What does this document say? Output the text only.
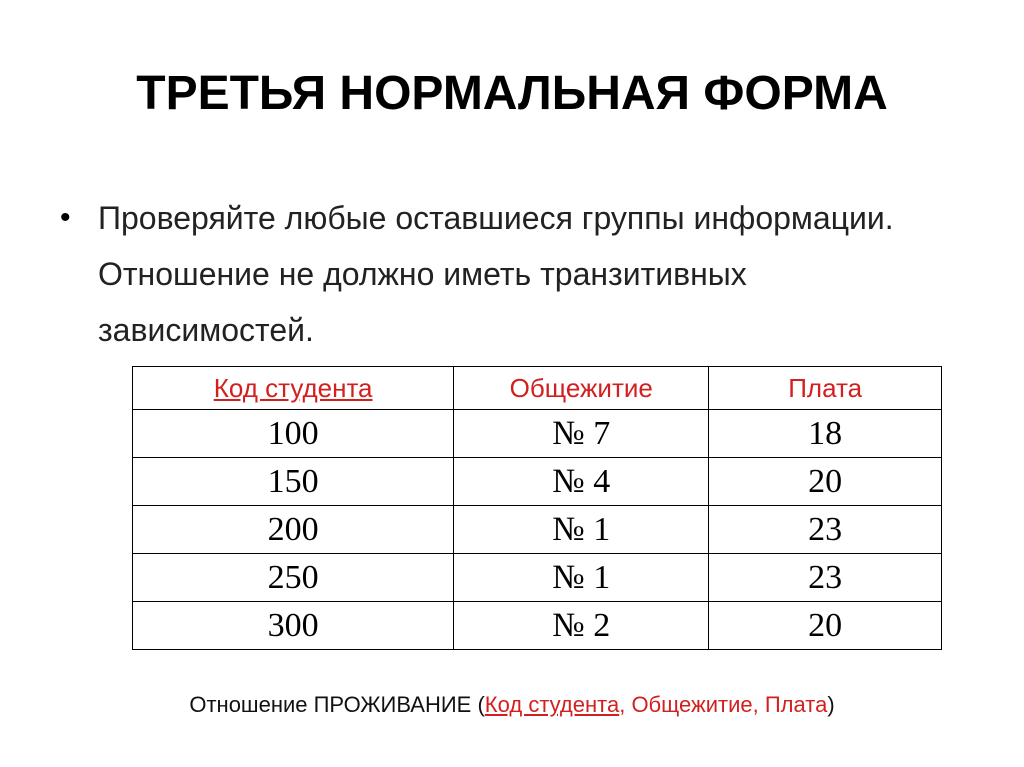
ТРЕТЬЯ НОРМАЛЬНАЯ ФОРМА
• Проверяйте любые оставшиеся группы информации. Отношение не должно иметь транзитивных зависимостей.
Код студента	Общежитие	Плата
100	№ 7	18
150	№ 4	20
200	№ 1	23
250	№ 1	23
300	№ 2	20
Отношение ПРОЖИВАНИЕ (Код студента, Общежитие, Плата)
